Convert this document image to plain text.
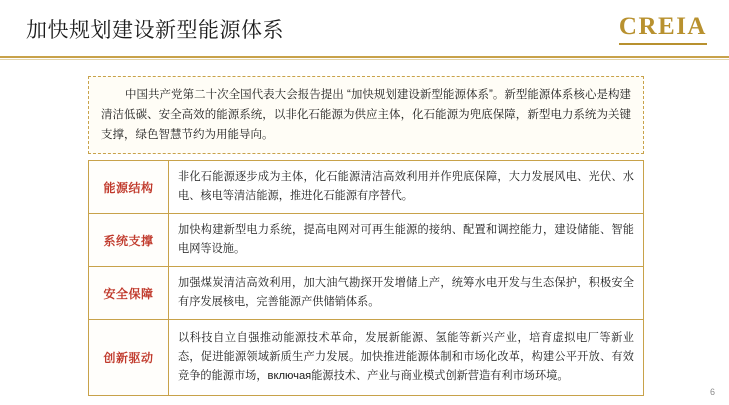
加快规划建设新型能源体系	CREIA

中国共产党第二十次全国代表大会报告提出 “加快规划建设新型能源体系”。新型能源体系核心是构建清洁低碳、安全高效的能源系统，以非化石能源为供应主体，化石能源为兜底保障，新型电力系统为关键支撑，绿色智慧节约为用能导向。

能源结构	非化石能源逐步成为主体，化石能源清洁高效利用并作兜底保障，大力发展风电、光伏、水电、核电等清洁能源，推进化石能源有序替代。
系统支撑	加快构建新型电力系统，提高电网对可再生能源的接纳、配置和调控能力，建设储能、智能电网等设施。
安全保障	加强煤炭清洁高效利用，加大油气勘探开发增储上产，统筹水电开发与生态保护，积极安全有序发展核电，完善能源产供储销体系。
创新驱动	以科技自立自强推动能源技术革命，发展新能源、氢能等新兴产业，培育虚拟电厂等新业态，促进能源领域新质生产力发展。加快推进能源体制和市场化改革，构建公平开放、有效竞争的能源市场，включая能源技术、产业与商业模式创新营造有利市场环境。
6
